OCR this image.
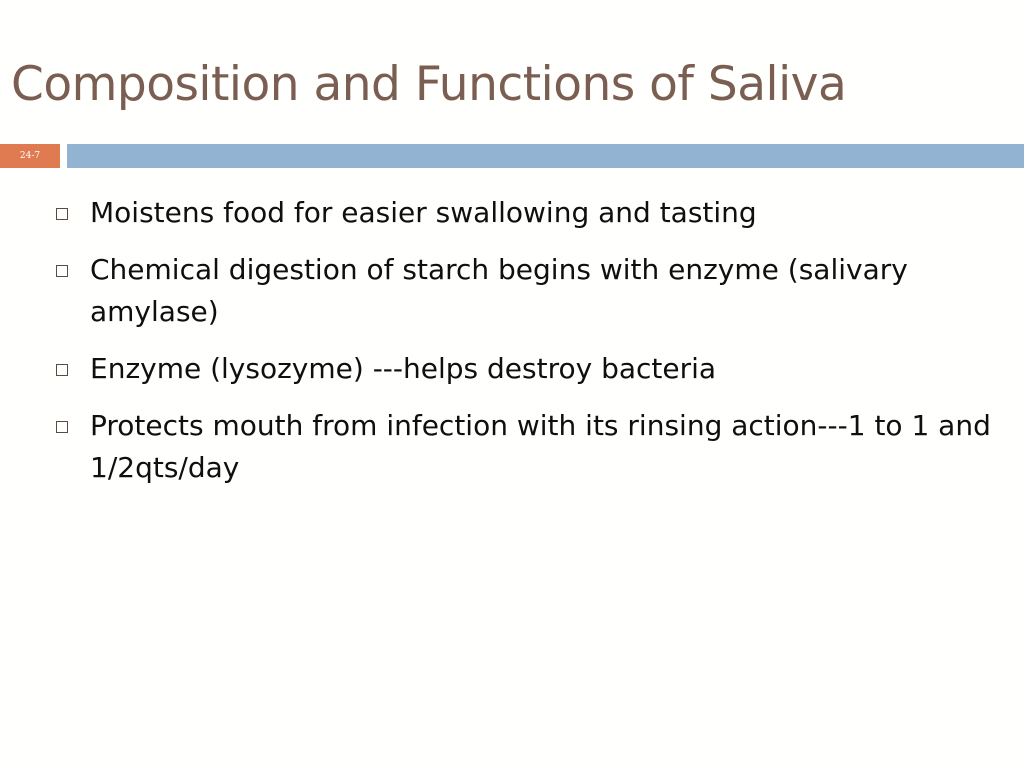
Composition and Functions of Saliva
24-7
Moistens food for easier swallowing and tasting
Chemical digestion of starch begins with enzyme (salivary amylase)
Enzyme (lysozyme) ---helps destroy bacteria
Protects mouth from infection with its rinsing action---1 to 1 and 1/2qts/day
